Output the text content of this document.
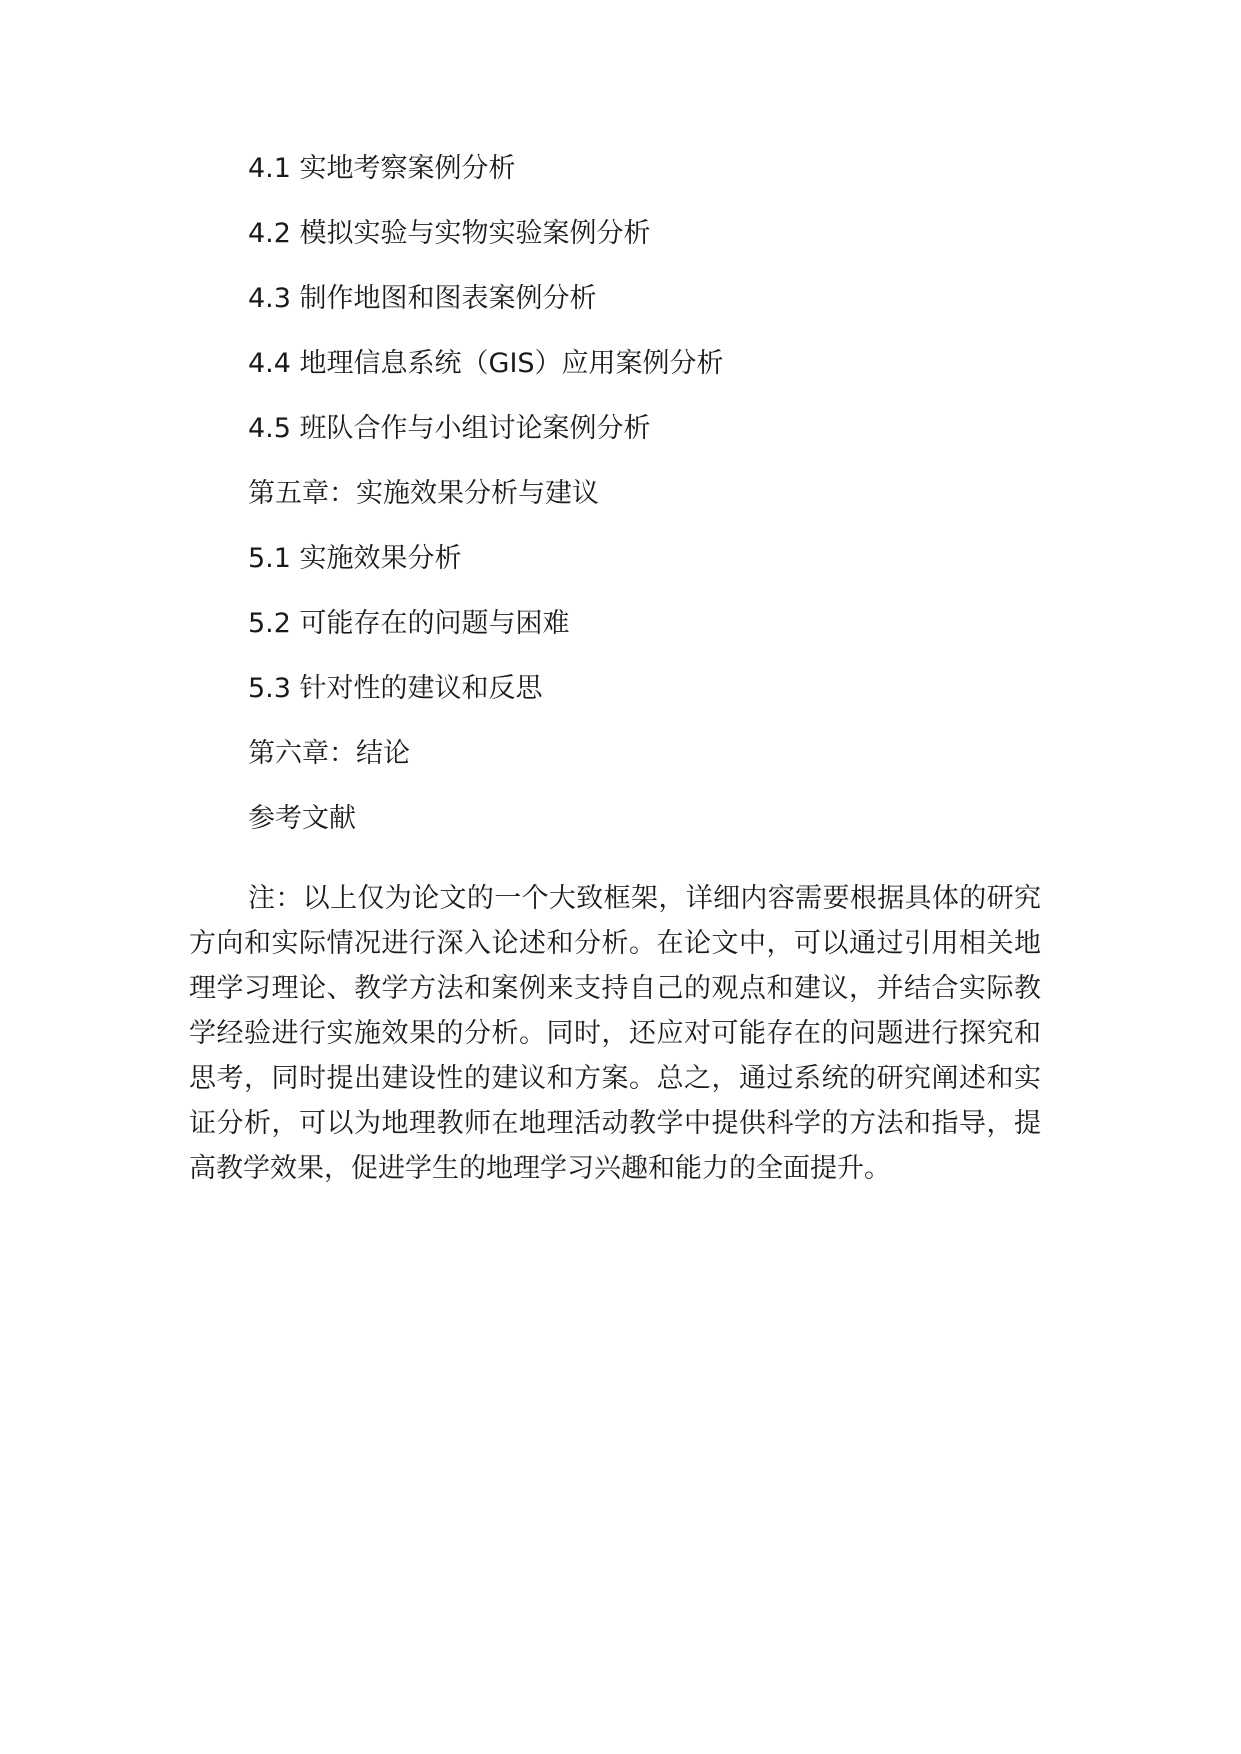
4.1 实地考察案例分析
4.2 模拟实验与实物实验案例分析
4.3 制作地图和图表案例分析
4.4 地理信息系统（GIS）应用案例分析
4.5 班队合作与小组讨论案例分析
第五章：实施效果分析与建议
5.1 实施效果分析
5.2 可能存在的问题与困难
5.3 针对性的建议和反思
第六章：结论
参考文献

注：以上仅为论文的一个大致框架，详细内容需要根据具体的研究方向和实际情况进行深入论述和分析。在论文中，可以通过引用相关地理学习理论、教学方法和案例来支持自己的观点和建议，并结合实际教学经验进行实施效果的分析。同时，还应对可能存在的问题进行探究和思考，同时提出建设性的建议和方案。总之，通过系统的研究阐述和实证分析，可以为地理教师在地理活动教学中提供科学的方法和指导，提高教学效果，促进学生的地理学习兴趣和能力的全面提升。
